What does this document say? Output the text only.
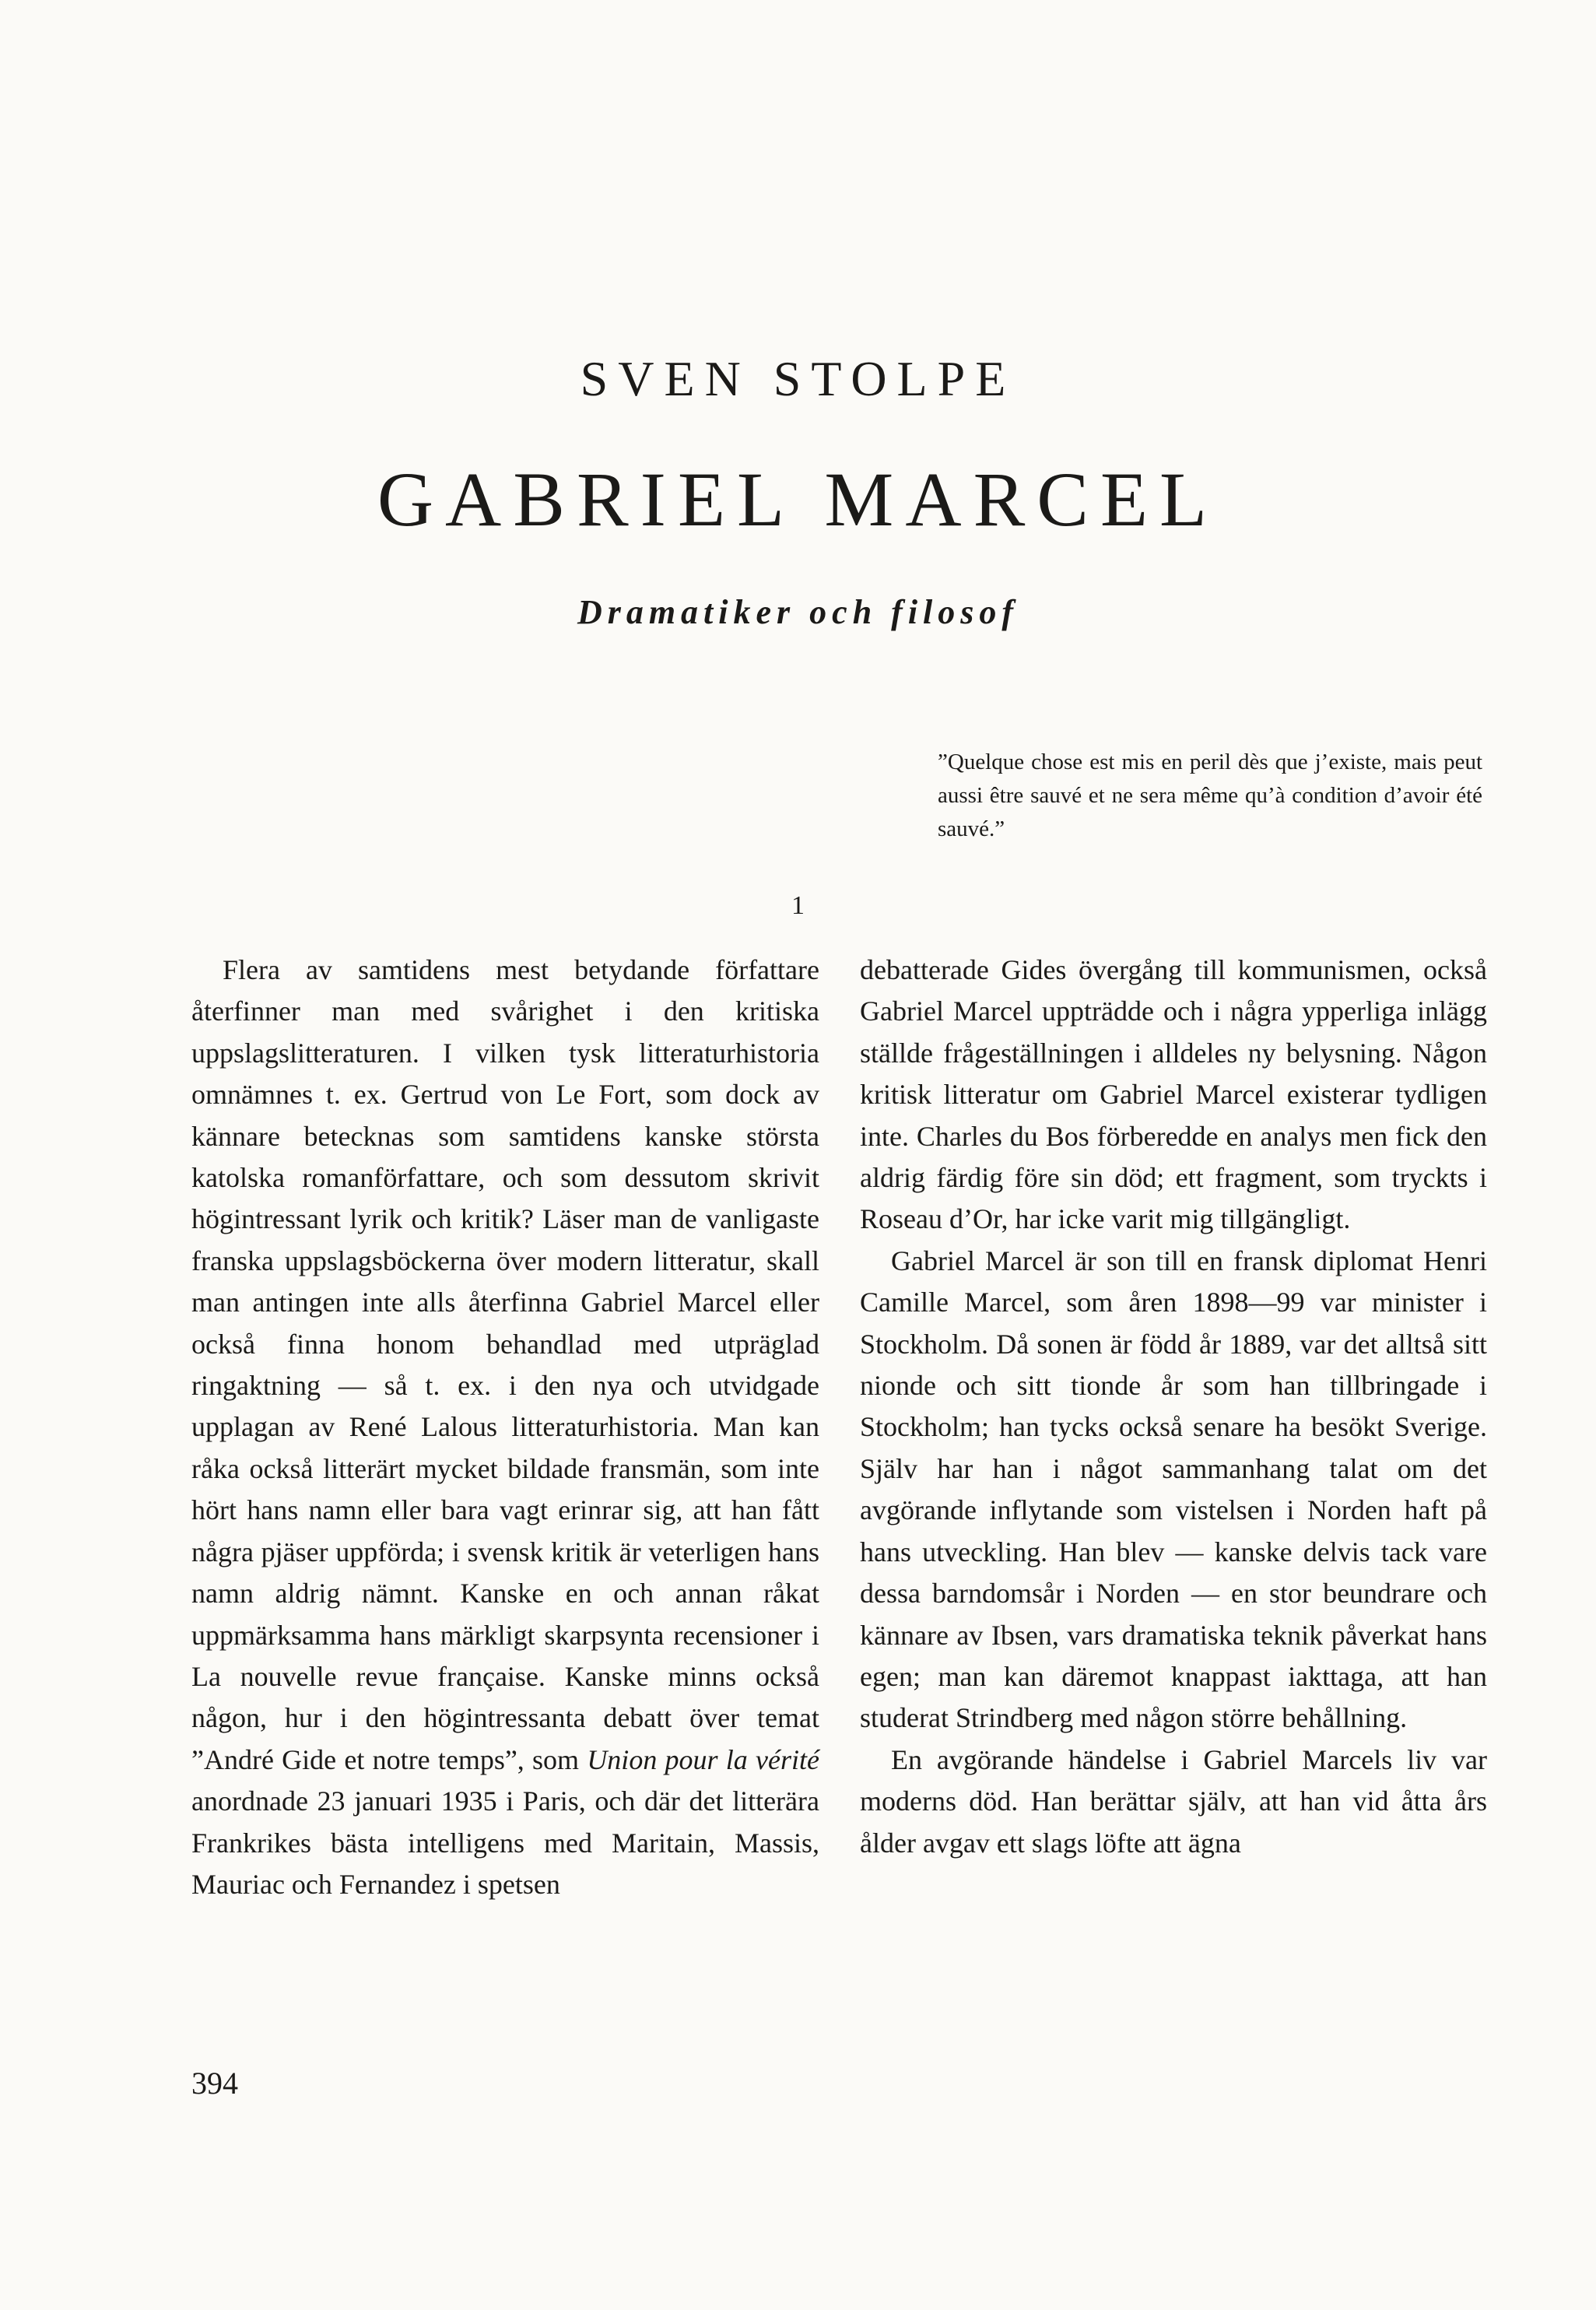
SVEN STOLPE
GABRIEL MARCEL
Dramatiker och filosof
”Quelque chose est mis en peril dès que j’existe, mais peut aussi être sauvé et ne sera même qu’à condition d’avoir été sauvé.”
1

Flera av samtidens mest betydande författare återfinner man med svårighet i den kritiska uppslagslitteraturen. I vilken tysk litteraturhistoria omnämnes t. ex. Gertrud von Le Fort, som dock av kännare betecknas som samtidens kanske största katolska romanförfattare, och som dessutom skrivit högintressant lyrik och kritik? Läser man de vanligaste franska uppslagsböckerna över modern litteratur, skall man antingen inte alls återfinna Gabriel Marcel eller också finna honom behandlad med utpräglad ringaktning — så t. ex. i den nya och utvidgade upplagan av René Lalous litteraturhistoria. Man kan råka också litterärt mycket bildade fransmän, som inte hört hans namn eller bara vagt erinrar sig, att han fått några pjäser uppförda; i svensk kritik är veterligen hans namn aldrig nämnt. Kanske en och annan råkat uppmärksamma hans märkligt skarpsynta recensioner i La nouvelle revue française. Kanske minns också någon, hur i den högintressanta debatt över temat ”André Gide et notre temps”, som Union pour la vérité anordnade 23 januari 1935 i Paris, och där det litterära Frankrikes bästa intelligens med Maritain, Massis, Mauriac och Fernandez i spetsen

debatterade Gides övergång till kommunismen, också Gabriel Marcel uppträdde och i några ypperliga inlägg ställde frågeställningen i alldeles ny belysning. Någon kritisk litteratur om Gabriel Marcel existerar tydligen inte. Charles du Bos förberedde en analys men fick den aldrig färdig före sin död; ett fragment, som tryckts i Roseau d’Or, har icke varit mig tillgängligt.

Gabriel Marcel är son till en fransk diplomat Henri Camille Marcel, som åren 1898—99 var minister i Stockholm. Då sonen är född år 1889, var det alltså sitt nionde och sitt tionde år som han tillbringade i Stockholm; han tycks också senare ha besökt Sverige. Själv har han i något sammanhang talat om det avgörande inflytande som vistelsen i Norden haft på hans utveckling. Han blev — kanske delvis tack vare dessa barndomsår i Norden — en stor beundrare och kännare av Ibsen, vars dramatiska teknik påverkat hans egen; man kan däremot knappast iakttaga, att han studerat Strindberg med någon större behållning.

En avgörande händelse i Gabriel Marcels liv var moderns död. Han berättar själv, att han vid åtta års ålder avgav ett slags löfte att ägna

394
